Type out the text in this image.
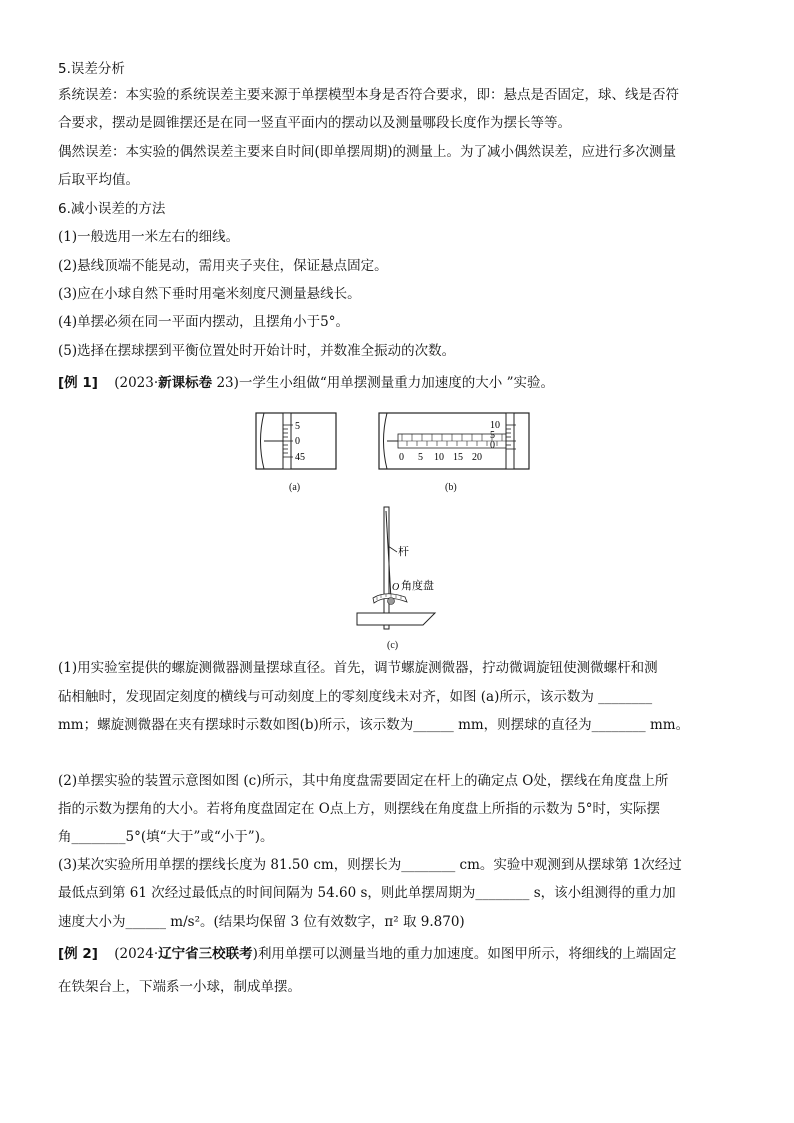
5.误差分析
系统误差：本实验的系统误差主要来源于单摆模型本身是否符合要求，即：悬点是否固定，球、线是否符
合要求，摆动是圆锥摆还是在同一竖直平面内的摆动以及测量哪段长度作为摆长等等。
偶然误差：本实验的偶然误差主要来自时间(即单摆周期)的测量上。为了减小偶然误差，应进行多次测量
后取平均值。
6.减小误差的方法
(1)一般选用一米左右的细线。
(2)悬线顶端不能晃动，需用夹子夹住，保证悬点固定。
(3)应在小球自然下垂时用毫米刻度尺测量悬线长。
(4)单摆必须在同一平面内摆动，且摆角小于5°。
(5)选择在摆球摆到平衡位置处时开始计时，并数准全振动的次数。
[例 1] (2023·新课标卷 23)一学生小组做“用单摆测量重力加速度的大小 ”实验。
5
0
45
(a)
10
5
0
0 5 10 15 20
(b)
杆
O 角度盘
(c)
(1)用实验室提供的螺旋测微器测量摆球直径。首先，调节螺旋测微器，拧动微调旋钮使测微螺杆和测
砧相触时，发现固定刻度的横线与可动刻度上的零刻度线未对齐，如图 (a)所示，该示数为 ________
mm；螺旋测微器在夹有摆球时示数如图(b)所示，该示数为______ mm，则摆球的直径为________ mm。
(2)单摆实验的装置示意图如图 (c)所示，其中角度盘需要固定在杆上的确定点 O处，摆线在角度盘上所
指的示数为摆角的大小。若将角度盘固定在 O点上方，则摆线在角度盘上所指的示数为 5°时，实际摆
角________5°(填“大于”或“小于”)。
(3)某次实验所用单摆的摆线长度为 81.50 cm，则摆长为________ cm。实验中观测到从摆球第 1次经过
最低点到第 61 次经过最低点的时间间隔为 54.60 s，则此单摆周期为________ s，该小组测得的重力加
速度大小为______ m/s²。(结果均保留 3 位有效数字，π² 取 9.870)
[例 2] (2024·辽宁省三校联考)利用单摆可以测量当地的重力加速度。如图甲所示，将细线的上端固定
在铁架台上，下端系一小球，制成单摆。
